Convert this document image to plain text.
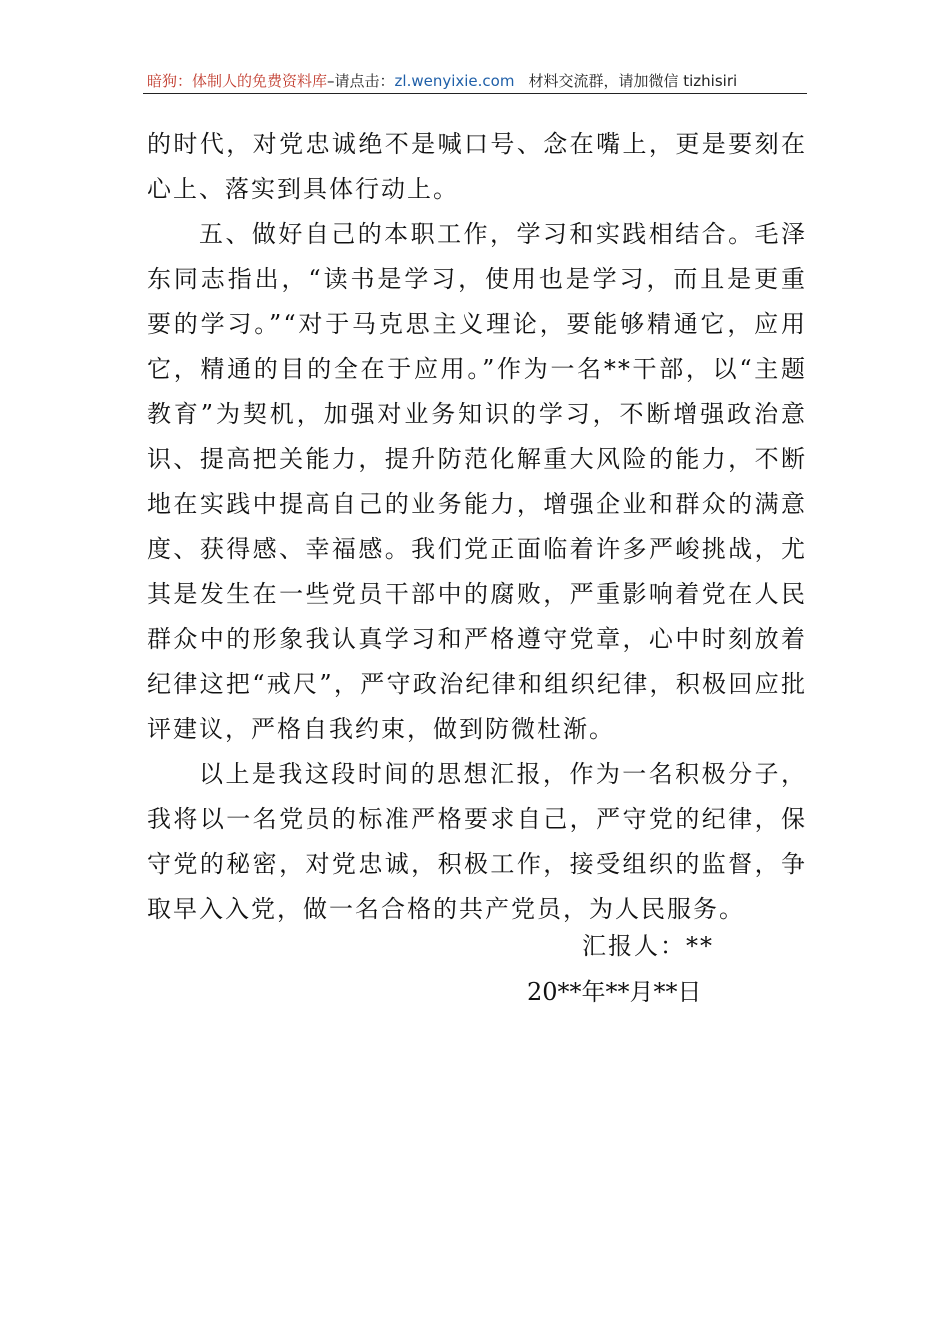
暗狗：体制人的免费资料库–请点击：zl.wenyixie.com 材料交流群，请加微信 tizhisiri

的时代，对党忠诚绝不是喊口号、念在嘴上，更是要刻在心上、落实到具体行动上。

五、做好自己的本职工作，学习和实践相结合。毛泽东同志指出，“读书是学习，使用也是学习，而且是更重要的学习。”“对于马克思主义理论，要能够精通它，应用它，精通的目的全在于应用。”作为一名**干部，以“主题教育”为契机，加强对业务知识的学习，不断增强政治意识、提高把关能力，提升防范化解重大风险的能力，不断地在实践中提高自己的业务能力，增强企业和群众的满意度、获得感、幸福感。我们党正面临着许多严峻挑战，尤其是发生在一些党员干部中的腐败，严重影响着党在人民群众中的形象我认真学习和严格遵守党章，心中时刻放着纪律这把“戒尺”，严守政治纪律和组织纪律，积极回应批评建议，严格自我约束，做到防微杜渐。

以上是我这段时间的思想汇报，作为一名积极分子，我将以一名党员的标准严格要求自己，严守党的纪律，保守党的秘密，对党忠诚，积极工作，接受组织的监督，争取早入入党，做一名合格的共产党员，为人民服务。

汇报人：**
20**年**月**日
